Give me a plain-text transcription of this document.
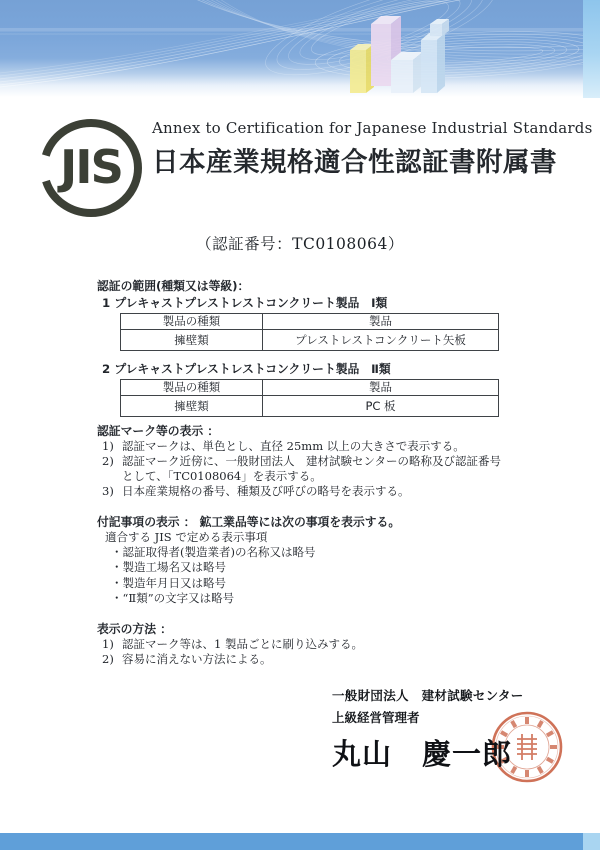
JIS
Annex to Certification for Japanese Industrial Standards
日本産業規格適合性認証書附属書
（認証番号：TC0108064）
認証の範囲(種類又は等級)：
1 プレキャストプレストレストコンクリート製品　Ⅰ類
製品の種類	製品
擁壁類	プレストレストコンクリート矢板
2 プレキャストプレストレストコンクリート製品　Ⅱ類
製品の種類	製品
擁壁類	PC 板
認証マーク等の表示 ：
1) 認証マークは、単色とし、直径 25mm 以上の大きさで表示する。
2) 認証マーク近傍に、一般財団法人　建材試験センターの略称及び認証番号として、「TC0108064」を表示する。
3) 日本産業規格の番号、種類及び呼びの略号を表示する。
付記事項の表示 ： 鉱工業品等には次の事項を表示する。
適合する JIS で定める表示事項
・認証取得者(製造業者)の名称又は略号
・製造工場名又は略号
・製造年月日又は略号
・“Ⅱ類”の文字又は略号
表示の方法 ：
1) 認証マーク等は、1 製品ごとに刷り込みする。
2) 容易に消えない方法による。
一般財団法人　建材試験センター
上級経営管理者
丸山　慶一郎
